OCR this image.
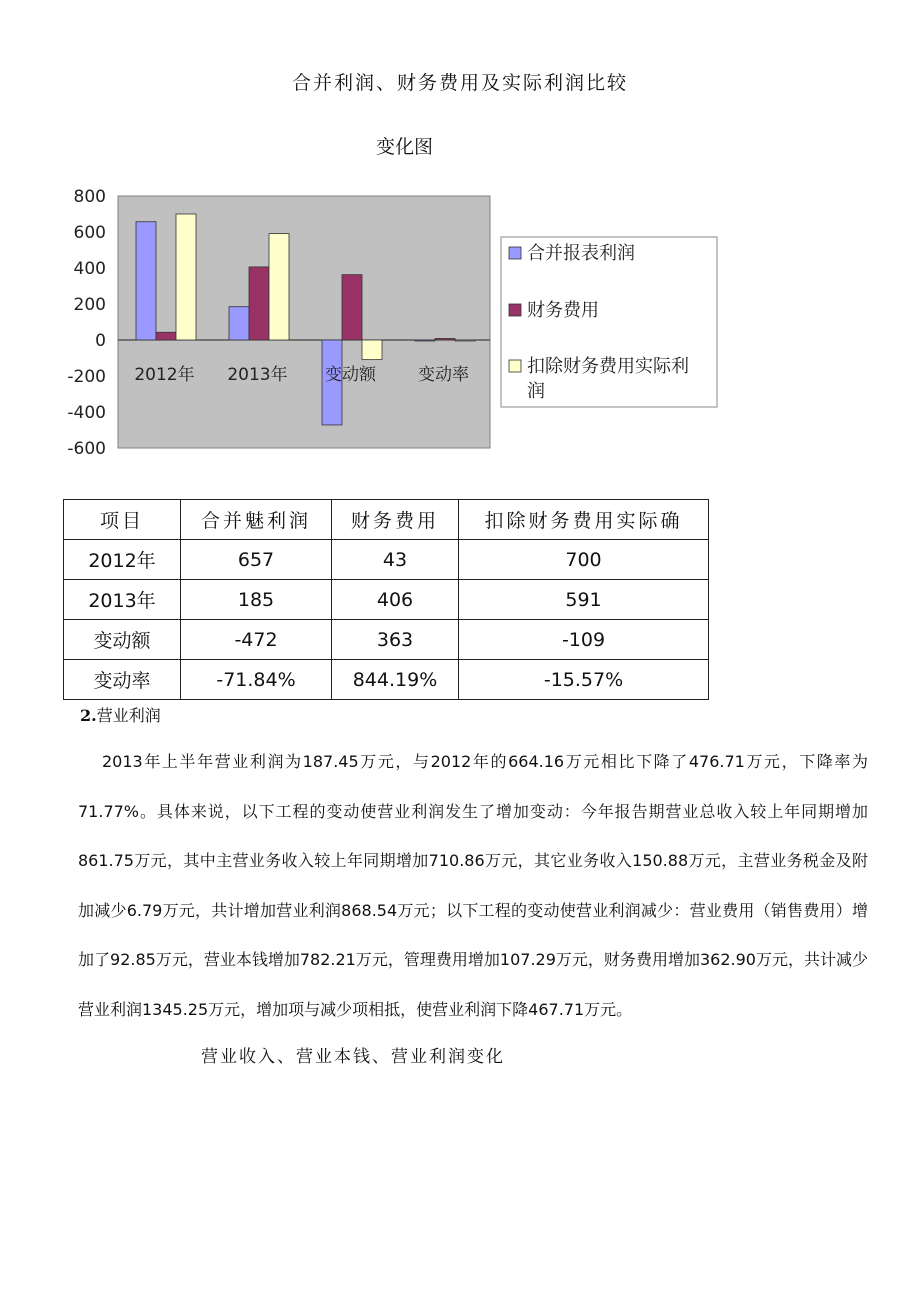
合并利润、财务费用及实际利润比较
变化图
800
600
400
200
0
-200
-400
-600
2012年 2013年 变动额 变动率
合并报表利润
财务费用
扣除财务费用实际利
润
项目	合并魅利润	财务费用	扣除财务费用实际确
2012年	657	43	700
2013年	185	406	591
变动额	-472	363	-109
变动率	-71.84%	844.19%	-15.57%
2.营业利润
2013年上半年营业利润为187.45万元，与2012年的664.16万元相比下降了476.71万元，下降率为71.77%。具体来说，以下工程的变动使营业利润发生了增加变动：今年报告期营业总收入较上年同期增加861.75万元，其中主营业务收入较上年同期增加710.86万元，其它业务收入150.88万元，主营业务税金及附加减少6.79万元，共计增加营业利润868.54万元；以下工程的变动使营业利润减少：营业费用（销售费用）增加了92.85万元，营业本钱增加782.21万元，管理费用增加107.29万元，财务费用增加362.90万元，共计减少营业利润1345.25万元，增加项与减少项相抵，使营业利润下降467.71万元。
营业收入、营业本钱、营业利润变化
